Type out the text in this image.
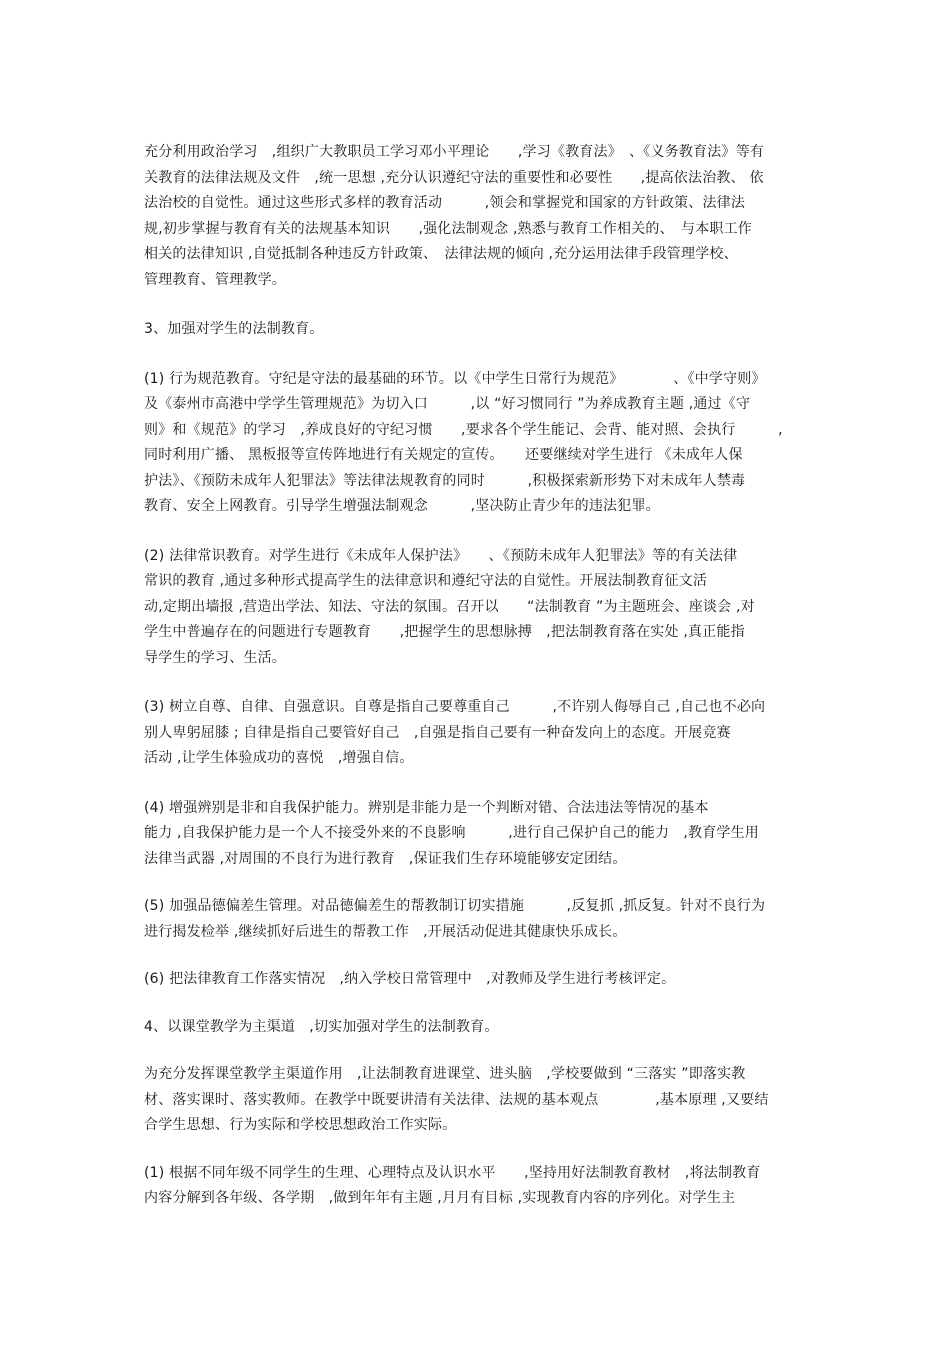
充分利用政治学习　,组织广大教职员工学习邓小平理论　　,学习《教育法》　、《义务教育法》等有
关教育的法律法规及文件　,统一思想 ,充分认识遵纪守法的重要性和必要性　　,提高依法治教、 依
法治校的自觉性。通过这些形式多样的教育活动　　　,领会和掌握党和国家的方针政策、法律法
规,初步掌握与教育有关的法规基本知识　　,强化法制观念 ,熟悉与教育工作相关的、　与本职工作
相关的法律知识 ,自觉抵制各种违反方针政策、　法律法规的倾向 ,充分运用法律手段管理学校、
管理教育、管理教学。

3、加强对学生的法制教育。

(1) 行为规范教育。守纪是守法的最基础的环节。以《中学生日常行为规范》　　　　、《中学守则》
及《泰州市高港中学学生管理规范》为切入口　　　,以 “好习惯同行 ”为养成教育主题 ,通过《守
则》和《规范》的学习　,养成良好的守纪习惯　　,要求各个学生能记、会背、能对照、会执行　　　,
同时利用广播、 黑板报等宣传阵地进行有关规定的宣传。　　还要继续对学生进行 《未成年人保
护法》、《预防未成年人犯罪法》等法律法规教育的同时　　　,积极探索新形势下对未成年人禁毒
教育、安全上网教育。引导学生增强法制观念　　　,坚决防止青少年的违法犯罪。

(2) 法律常识教育。对学生进行《未成年人保护法》　　、《预防未成年人犯罪法》等的有关法律
常识的教育 ,通过多种形式提高学生的法律意识和遵纪守法的自觉性。开展法制教育征文活
动,定期出墙报 ,营造出学法、知法、守法的氛围。召开以　　“法制教育 ”为主题班会、座谈会 ,对
学生中普遍存在的问题进行专题教育　　,把握学生的思想脉搏　,把法制教育落在实处 ,真正能指
导学生的学习、生活。

(3) 树立自尊、自律、自强意识。自尊是指自己要尊重自己　　　,不许别人侮辱自己 ,自己也不必向
别人卑躬屈膝 ; 自律是指自己要管好自己　,自强是指自己要有一种奋发向上的态度。开展竞赛
活动 ,让学生体验成功的喜悦　,增强自信。

(4) 增强辨别是非和自我保护能力。辨别是非能力是一个判断对错、合法违法等情况的基本
能力 ,自我保护能力是一个人不接受外来的不良影响　　　,进行自己保护自己的能力　,教育学生用
法律当武器 ,对周围的不良行为进行教育　,保证我们生存环境能够安定团结。

(5) 加强品德偏差生管理。对品德偏差生的帮教制订切实措施　　　,反复抓 ,抓反复。针对不良行为
进行揭发检举 ,继续抓好后进生的帮教工作　,开展活动促进其健康快乐成长。

(6) 把法律教育工作落实情况　,纳入学校日常管理中　,对教师及学生进行考核评定。

4、以课堂教学为主渠道　,切实加强对学生的法制教育。

为充分发挥课堂教学主渠道作用　,让法制教育进课堂、进头脑　,学校要做到 “三落实 ”即落实教
材、落实课时、落实教师。在教学中既要讲清有关法律、法规的基本观点　　　　,基本原理 ,又要结
合学生思想、行为实际和学校思想政治工作实际。

(1) 根据不同年级不同学生的生理、心理特点及认识水平　　,坚持用好法制教育教材　,将法制教育
内容分解到各年级、各学期　,做到年年有主题 ,月月有目标 ,实现教育内容的序列化。对学生主
